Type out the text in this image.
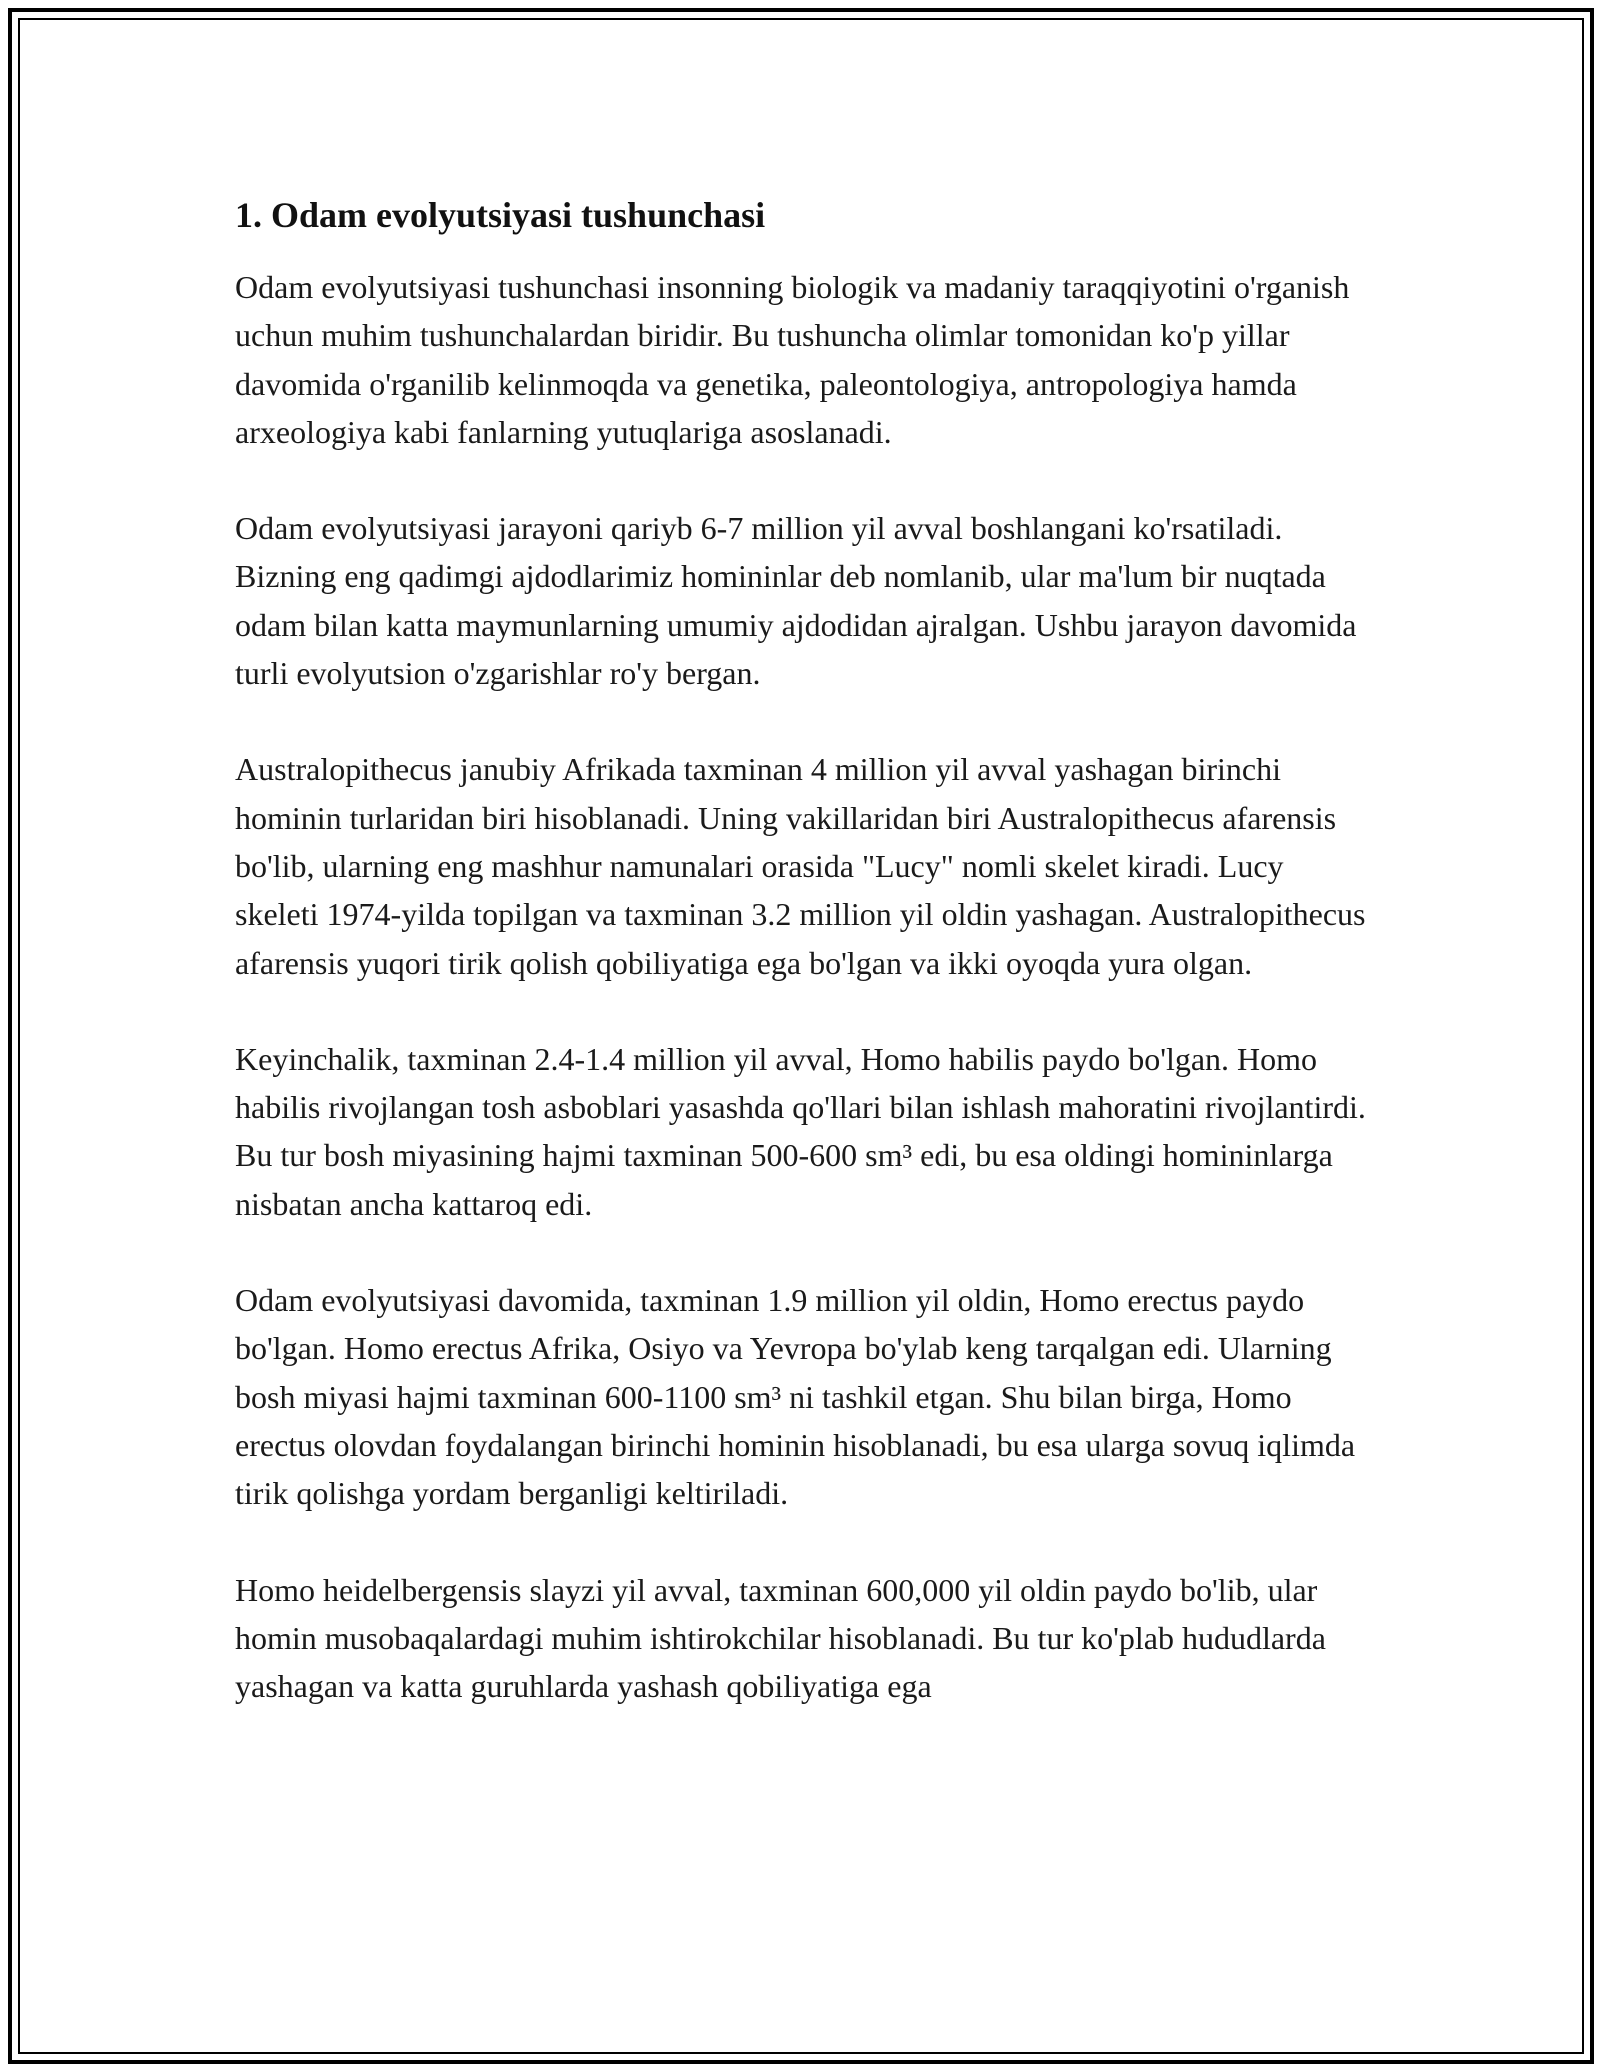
1. Odam evolyutsiyasi tushunchasi

Odam evolyutsiyasi tushunchasi insonning biologik va madaniy taraqqiyotini o'rganish uchun muhim tushunchalardan biridir. Bu tushuncha olimlar tomonidan ko'p yillar davomida o'rganilib kelinmoqda va genetika, paleontologiya, antropologiya hamda arxeologiya kabi fanlarning yutuqlariga asoslanadi.

Odam evolyutsiyasi jarayoni qariyb 6-7 million yil avval boshlangani ko'rsatiladi. Bizning eng qadimgi ajdodlarimiz homininlar deb nomlanib, ular ma'lum bir nuqtada odam bilan katta maymunlarning umumiy ajdodidan ajralgan. Ushbu jarayon davomida turli evolyutsion o'zgarishlar ro'y bergan.

Australopithecus janubiy Afrikada taxminan 4 million yil avval yashagan birinchi hominin turlaridan biri hisoblanadi. Uning vakillaridan biri Australopithecus afarensis bo'lib, ularning eng mashhur namunalari orasida "Lucy" nomli skelet kiradi. Lucy skeleti 1974-yilda topilgan va taxminan 3.2 million yil oldin yashagan. Australopithecus afarensis yuqori tirik qolish qobiliyatiga ega bo'lgan va ikki oyoqda yura olgan.

Keyinchalik, taxminan 2.4-1.4 million yil avval, Homo habilis paydo bo'lgan. Homo habilis rivojlangan tosh asboblari yasashda qo'llari bilan ishlash mahoratini rivojlantirdi. Bu tur bosh miyasining hajmi taxminan 500-600 sm³ edi, bu esa oldingi homininlarga nisbatan ancha kattaroq edi.

Odam evolyutsiyasi davomida, taxminan 1.9 million yil oldin, Homo erectus paydo bo'lgan. Homo erectus Afrika, Osiyo va Yevropa bo'ylab keng tarqalgan edi. Ularning bosh miyasi hajmi taxminan 600-1100 sm³ ni tashkil etgan. Shu bilan birga, Homo erectus olovdan foydalangan birinchi hominin hisoblanadi, bu esa ularga sovuq iqlimda tirik qolishga yordam berganligi keltiriladi.

Homo heidelbergensis slayzi yil avval, taxminan 600,000 yil oldin paydo bo'lib, ular homin musobaqalardagi muhim ishtirokchilar hisoblanadi. Bu tur ko'plab hududlarda yashagan va katta guruhlarda yashash qobiliyatiga ega
